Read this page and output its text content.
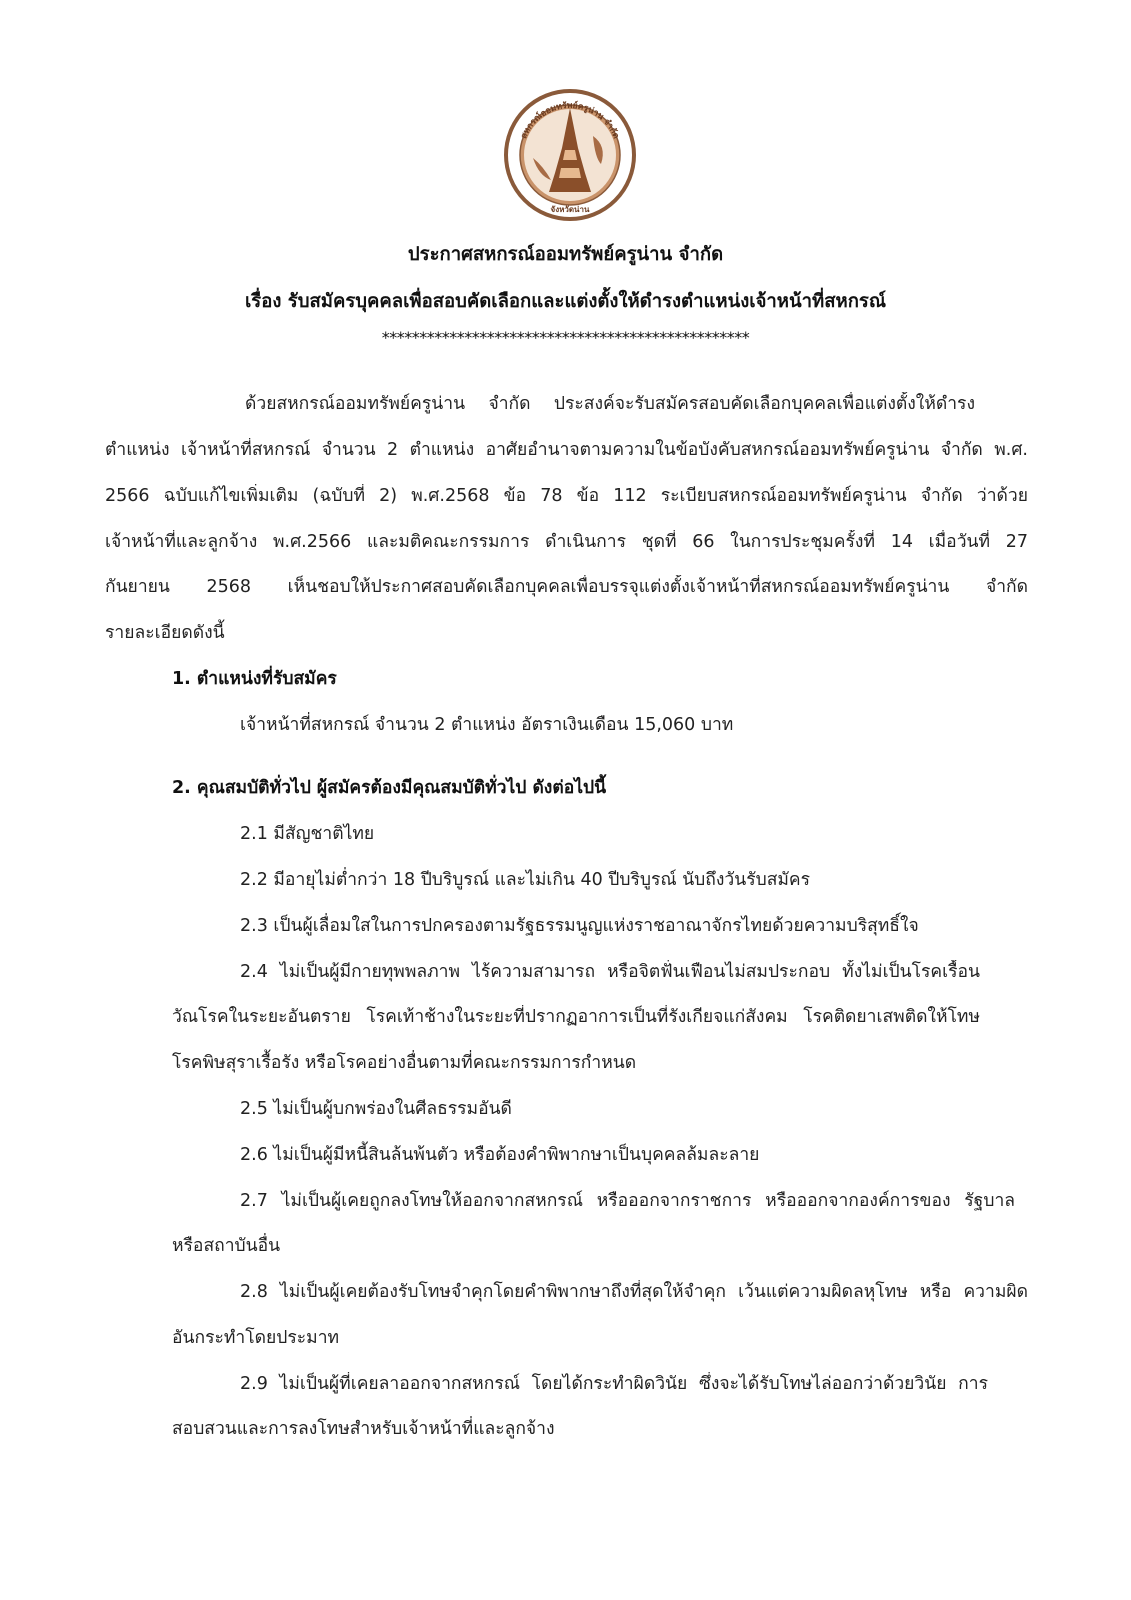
สหกรณ์ออมทรัพย์ครูน่าน จำกัด
จังหวัดน่าน
ประกาศสหกรณ์ออมทรัพย์ครูน่าน จำกัด
เรื่อง รับสมัครบุคคลเพื่อสอบคัดเลือกและแต่งตั้งให้ดำรงตำแหน่งเจ้าหน้าที่สหกรณ์
*************************************************
ด้วยสหกรณ์ออมทรัพย์ครูน่าน จำกัด ประสงค์จะรับสมัครสอบคัดเลือกบุคคลเพื่อแต่งตั้งให้ดำรง
ตำแหน่ง เจ้าหน้าที่สหกรณ์ จำนวน 2 ตำแหน่ง อาศัยอำนาจตามความในข้อบังคับสหกรณ์ออมทรัพย์ครูน่าน จำกัด พ.ศ.
2566 ฉบับแก้ไขเพิ่มเติม (ฉบับที่ 2) พ.ศ.2568 ข้อ 78 ข้อ 112 ระเบียบสหกรณ์ออมทรัพย์ครูน่าน จำกัด ว่าด้วย
เจ้าหน้าที่และลูกจ้าง พ.ศ.2566 และมติคณะกรรมการ ดำเนินการ ชุดที่ 66 ในการประชุมครั้งที่ 14 เมื่อวันที่ 27
กันยายน 2568 เห็นชอบให้ประกาศสอบคัดเลือกบุคคลเพื่อบรรจุแต่งตั้งเจ้าหน้าที่สหกรณ์ออมทรัพย์ครูน่าน จำกัด
รายละเอียดดังนี้
1. ตำแหน่งที่รับสมัคร
เจ้าหน้าที่สหกรณ์ จำนวน 2 ตำแหน่ง อัตราเงินเดือน 15,060 บาท
2. คุณสมบัติทั่วไป ผู้สมัครต้องมีคุณสมบัติทั่วไป ดังต่อไปนี้
2.1 มีสัญชาติไทย
2.2 มีอายุไม่ต่ำกว่า 18 ปีบริบูรณ์ และไม่เกิน 40 ปีบริบูรณ์ นับถึงวันรับสมัคร
2.3 เป็นผู้เลื่อมใสในการปกครองตามรัฐธรรมนูญแห่งราชอาณาจักรไทยด้วยความบริสุทธิ์ใจ
2.4 ไม่เป็นผู้มีกายทุพพลภาพ ไร้ความสามารถ หรือจิตฟั่นเฟือนไม่สมประกอบ ทั้งไม่เป็นโรคเรื้อน
วัณโรคในระยะอันตราย โรคเท้าช้างในระยะที่ปรากฏอาการเป็นที่รังเกียจแก่สังคม โรคติดยาเสพติดให้โทษ
โรคพิษสุราเรื้อรัง หรือโรคอย่างอื่นตามที่คณะกรรมการกำหนด
2.5 ไม่เป็นผู้บกพร่องในศีลธรรมอันดี
2.6 ไม่เป็นผู้มีหนี้สินล้นพ้นตัว หรือต้องคำพิพากษาเป็นบุคคลล้มละลาย
2.7 ไม่เป็นผู้เคยถูกลงโทษให้ออกจากสหกรณ์ หรือออกจากราชการ หรือออกจากองค์การของ รัฐบาล
หรือสถาบันอื่น
2.8 ไม่เป็นผู้เคยต้องรับโทษจำคุกโดยคำพิพากษาถึงที่สุดให้จำคุก เว้นแต่ความผิดลหุโทษ หรือ ความผิด
อันกระทำโดยประมาท
2.9 ไม่เป็นผู้ที่เคยลาออกจากสหกรณ์ โดยได้กระทำผิดวินัย ซึ่งจะได้รับโทษไล่ออกว่าด้วยวินัย การ
สอบสวนและการลงโทษสำหรับเจ้าหน้าที่และลูกจ้าง
